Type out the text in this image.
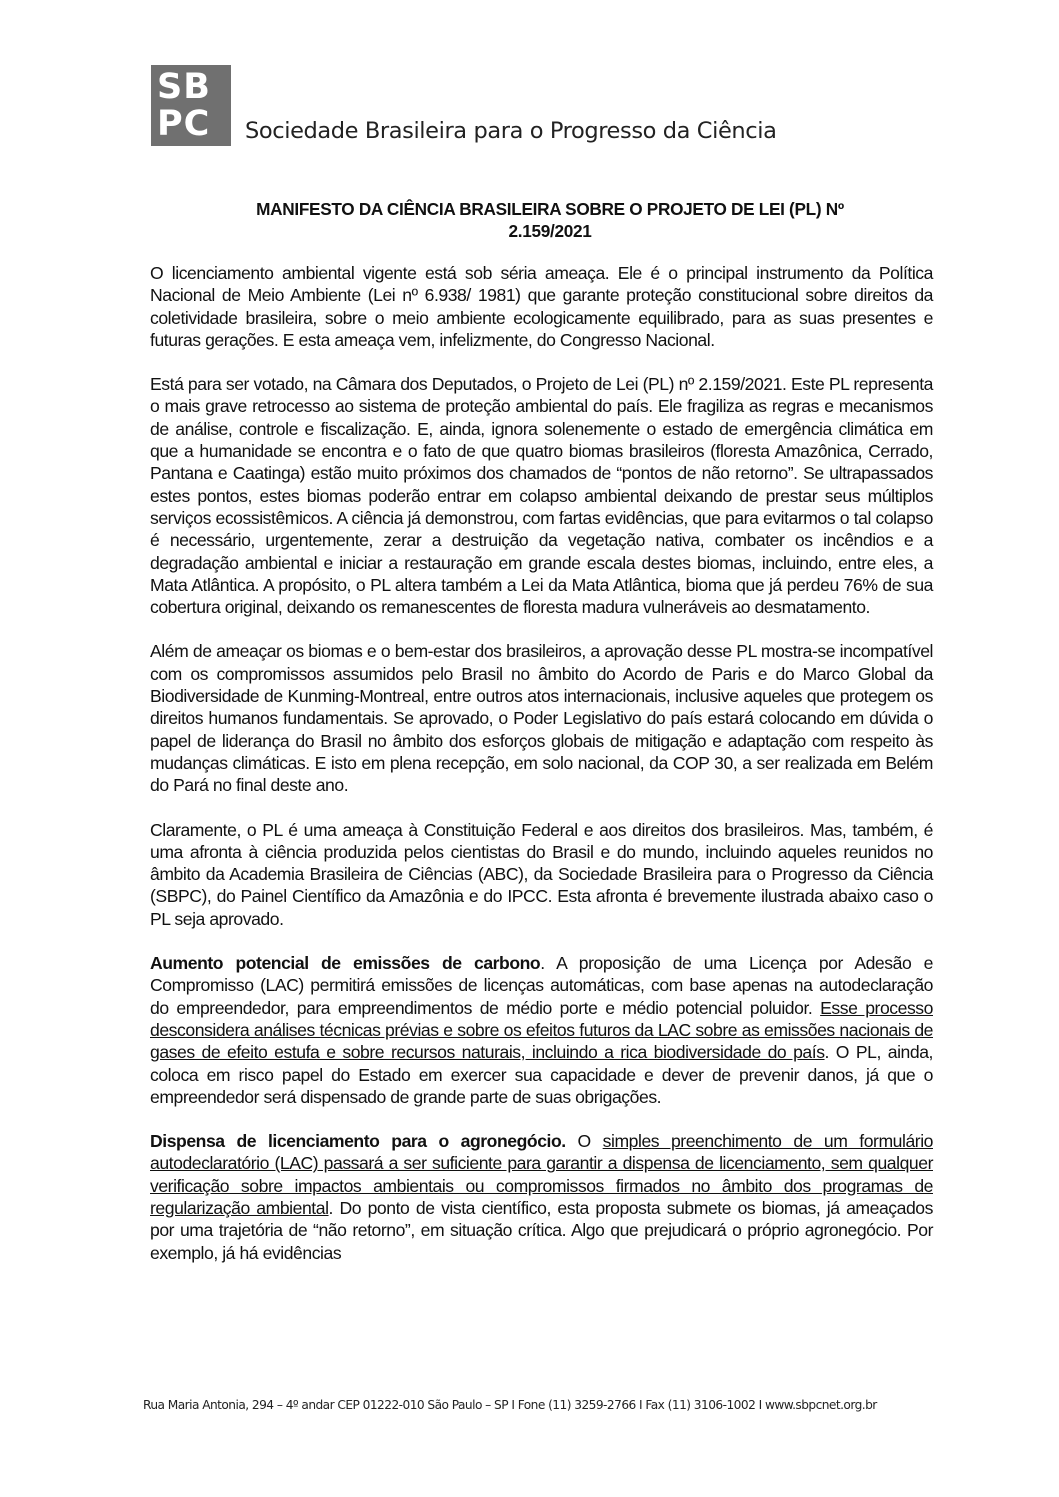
SB
PC	Sociedade Brasileira para o Progresso da Ciência
MANIFESTO DA CIÊNCIA BRASILEIRA SOBRE O PROJETO DE LEI (PL) Nº
2.159/2021

O licenciamento ambiental vigente está sob séria ameaça. Ele é o principal instrumento da Política Nacional de Meio Ambiente (Lei nº 6.938/ 1981) que garante proteção constitucional sobre direitos da coletividade brasileira, sobre o meio ambiente ecologicamente equilibrado, para as suas presentes e futuras gerações. E esta ameaça vem, infelizmente, do Congresso Nacional.

Está para ser votado, na Câmara dos Deputados, o Projeto de Lei (PL) nº 2.159/2021. Este PL representa o mais grave retrocesso ao sistema de proteção ambiental do país. Ele fragiliza as regras e mecanismos de análise, controle e fiscalização. E, ainda, ignora solenemente o estado de emergência climática em que a humanidade se encontra e o fato de que quatro biomas brasileiros (floresta Amazônica, Cerrado, Pantana e Caatinga) estão muito próximos dos chamados de “pontos de não retorno”. Se ultrapassados estes pontos, estes biomas poderão entrar em colapso ambiental deixando de prestar seus múltiplos serviços ecossistêmicos. A ciência já demonstrou, com fartas evidências, que para evitarmos o tal colapso é necessário, urgentemente, zerar a destruição da vegetação nativa, combater os incêndios e a degradação ambiental e iniciar a restauração em grande escala destes biomas, incluindo, entre eles, a Mata Atlântica. A propósito, o PL altera também a Lei da Mata Atlântica, bioma que já perdeu 76% de sua cobertura original, deixando os remanescentes de floresta madura vulneráveis ao desmatamento.

Além de ameaçar os biomas e o bem-estar dos brasileiros, a aprovação desse PL mostra-se incompatível com os compromissos assumidos pelo Brasil no âmbito do Acordo de Paris e do Marco Global da Biodiversidade de Kunming-Montreal, entre outros atos internacionais, inclusive aqueles que protegem os direitos humanos fundamentais. Se aprovado, o Poder Legislativo do país estará colocando em dúvida o papel de liderança do Brasil no âmbito dos esforços globais de mitigação e adaptação com respeito às mudanças climáticas. E isto em plena recepção, em solo nacional, da COP 30, a ser realizada em Belém do Pará no final deste ano.

Claramente, o PL é uma ameaça à Constituição Federal e aos direitos dos brasileiros. Mas, também, é uma afronta à ciência produzida pelos cientistas do Brasil e do mundo, incluindo aqueles reunidos no âmbito da Academia Brasileira de Ciências (ABC), da Sociedade Brasileira para o Progresso da Ciência (SBPC), do Painel Científico da Amazônia e do IPCC. Esta afronta é brevemente ilustrada abaixo caso o PL seja aprovado.

Aumento potencial de emissões de carbono. A proposição de uma Licença por Adesão e Compromisso (LAC) permitirá emissões de licenças automáticas, com base apenas na autodeclaração do empreendedor, para empreendimentos de médio porte e médio potencial poluidor. Esse processo desconsidera análises técnicas prévias e sobre os efeitos futuros da LAC sobre as emissões nacionais de gases de efeito estufa e sobre recursos naturais, incluindo a rica biodiversidade do país. O PL, ainda, coloca em risco papel do Estado em exercer sua capacidade e dever de prevenir danos, já que o empreendedor será dispensado de grande parte de suas obrigações.

Dispensa de licenciamento para o agronegócio. O simples preenchimento de um formulário autodeclaratório (LAC) passará a ser suficiente para garantir a dispensa de licenciamento, sem qualquer verificação sobre impactos ambientais ou compromissos firmados no âmbito dos programas de regularização ambiental. Do ponto de vista científico, esta proposta submete os biomas, já ameaçados por uma trajetória de “não retorno”, em situação crítica. Algo que prejudicará o próprio agronegócio. Por exemplo, já há evidências

Rua Maria Antonia, 294 – 4º andar CEP 01222-010 São Paulo – SP I Fone (11) 3259-2766 I Fax (11) 3106-1002 I www.sbpcnet.org.br
